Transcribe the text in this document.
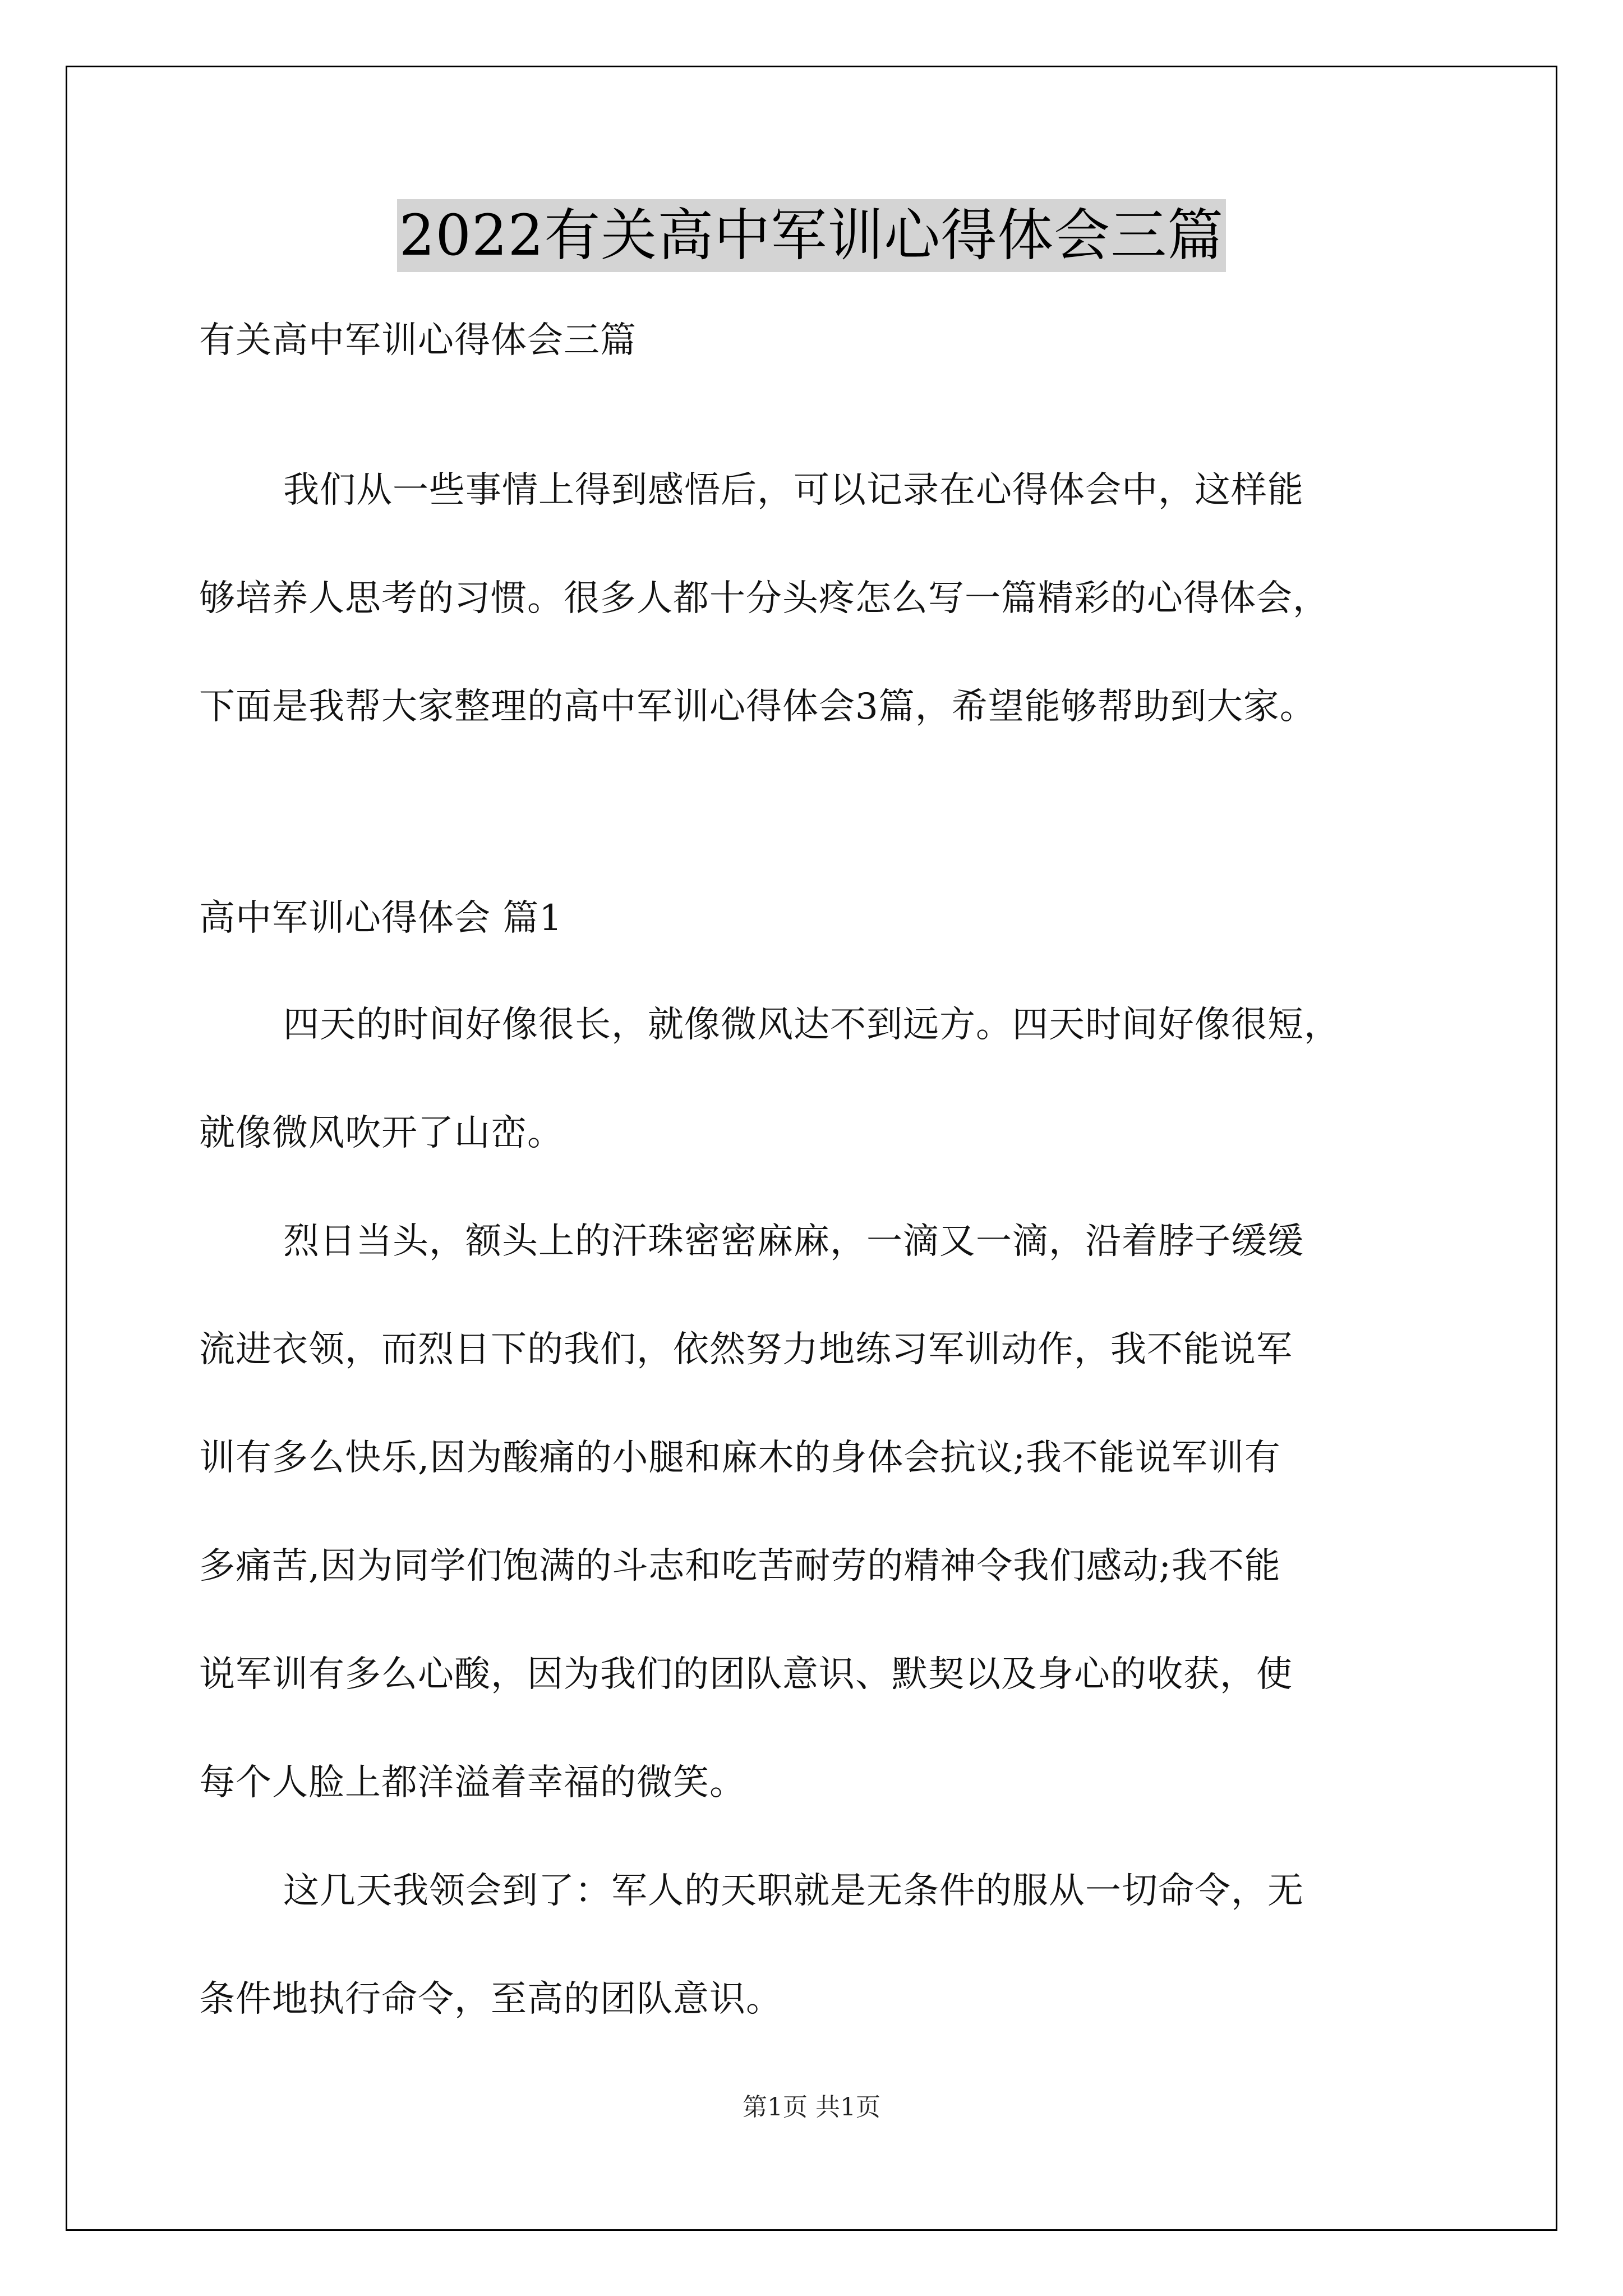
2022有关高中军训心得体会三篇
有关高中军训心得体会三篇
我们从一些事情上得到感悟后，可以记录在心得体会中，这样能
够培养人思考的习惯。很多人都十分头疼怎么写一篇精彩的心得体会，
下面是我帮大家整理的高中军训心得体会3篇，希望能够帮助到大家。
高中军训心得体会 篇1
四天的时间好像很长，就像微风达不到远方。四天时间好像很短，
就像微风吹开了山峦。
烈日当头，额头上的汗珠密密麻麻，一滴又一滴，沿着脖子缓缓
流进衣领，而烈日下的我们，依然努力地练习军训动作，我不能说军
训有多么快乐,因为酸痛的小腿和麻木的身体会抗议;我不能说军训有
多痛苦,因为同学们饱满的斗志和吃苦耐劳的精神令我们感动;我不能
说军训有多么心酸，因为我们的团队意识、默契以及身心的收获，使
每个人脸上都洋溢着幸福的微笑。
这几天我领会到了：军人的天职就是无条件的服从一切命令，无
条件地执行命令，至高的团队意识。
第1页 共1页
